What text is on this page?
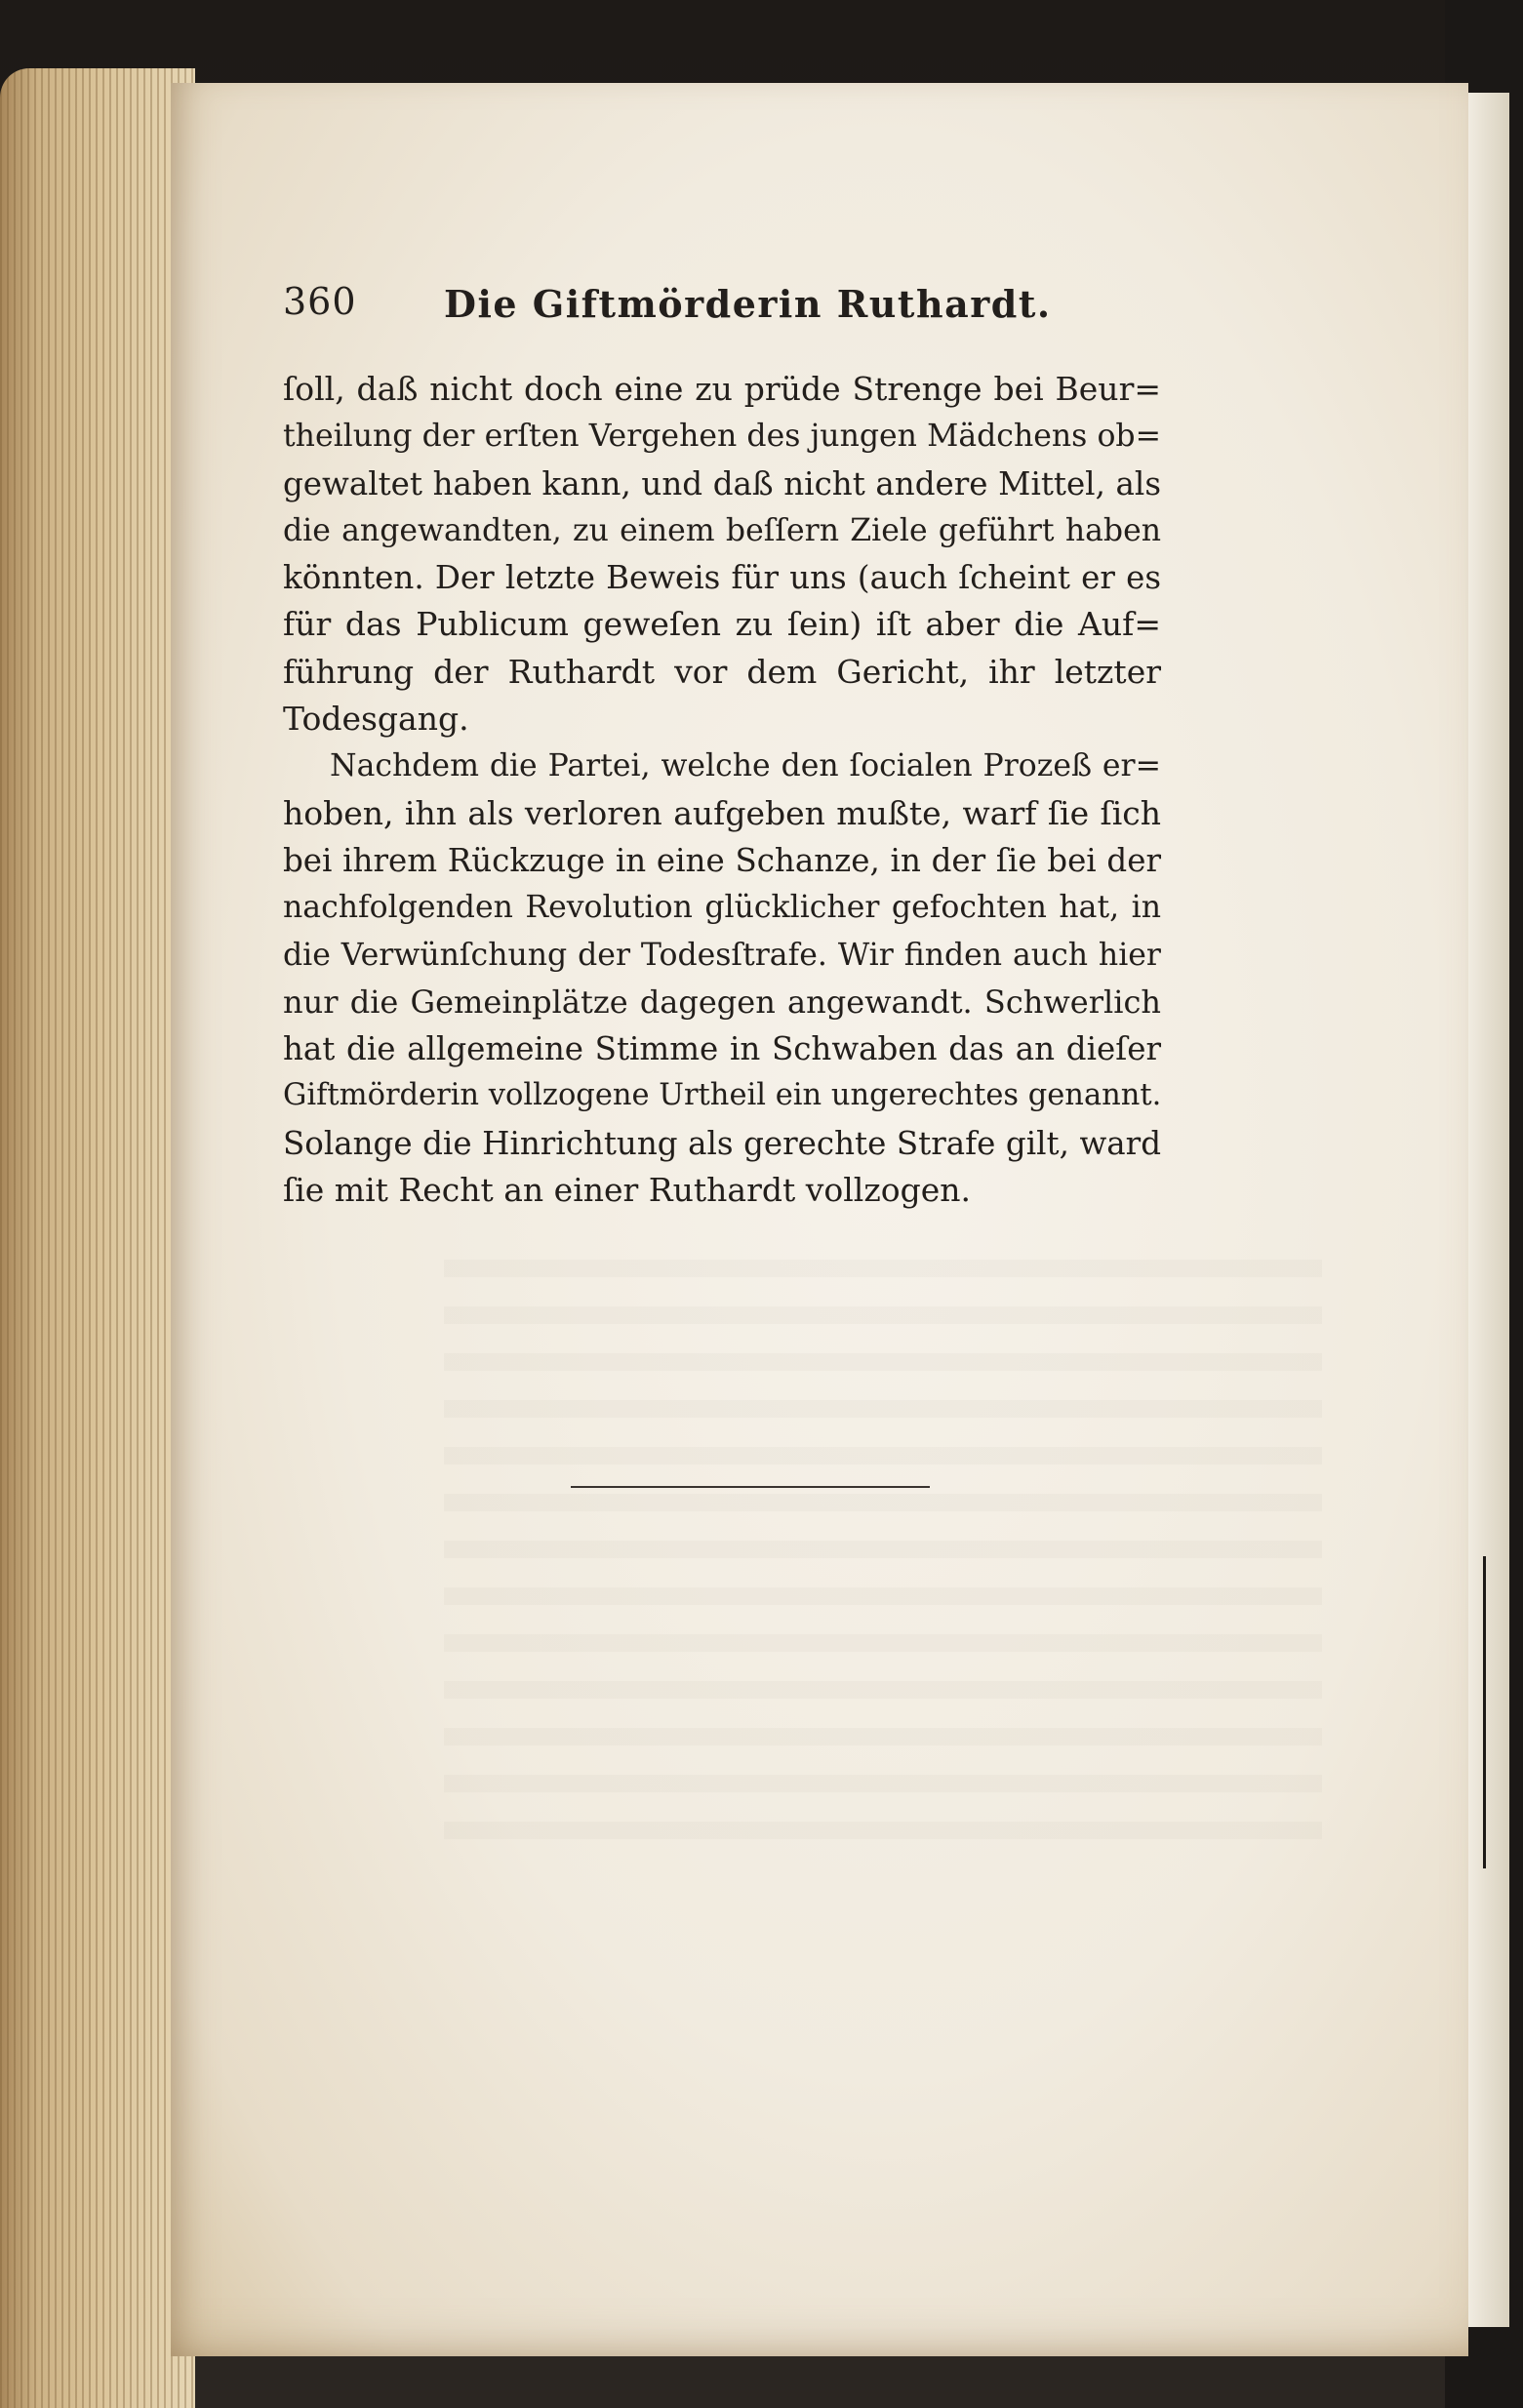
360 Die Giftmörderin Ruthardt.
ſoll, daß nicht doch eine zu prüde Strenge bei Beur=
theilung der erſten Vergehen des jungen Mädchens ob=
gewaltet haben kann, und daß nicht andere Mittel, als
die angewandten, zu einem beſſern Ziele geführt haben
könnten. Der letzte Beweis für uns (auch ſcheint er es
für das Publicum geweſen zu ſein) iſt aber die Auf=
führung der Ruthardt vor dem Gericht, ihr letzter
Todesgang.
Nachdem die Partei, welche den ſocialen Prozeß er=
hoben, ihn als verloren aufgeben mußte, warf ſie ſich
bei ihrem Rückzuge in eine Schanze, in der ſie bei der
nachfolgenden Revolution glücklicher gefochten hat, in
die Verwünſchung der Todesſtrafe. Wir finden auch hier
nur die Gemeinplätze dagegen angewandt. Schwerlich
hat die allgemeine Stimme in Schwaben das an dieſer
Giftmörderin vollzogene Urtheil ein ungerechtes genannt.
Solange die Hinrichtung als gerechte Strafe gilt, ward
ſie mit Recht an einer Ruthardt vollzogen.
